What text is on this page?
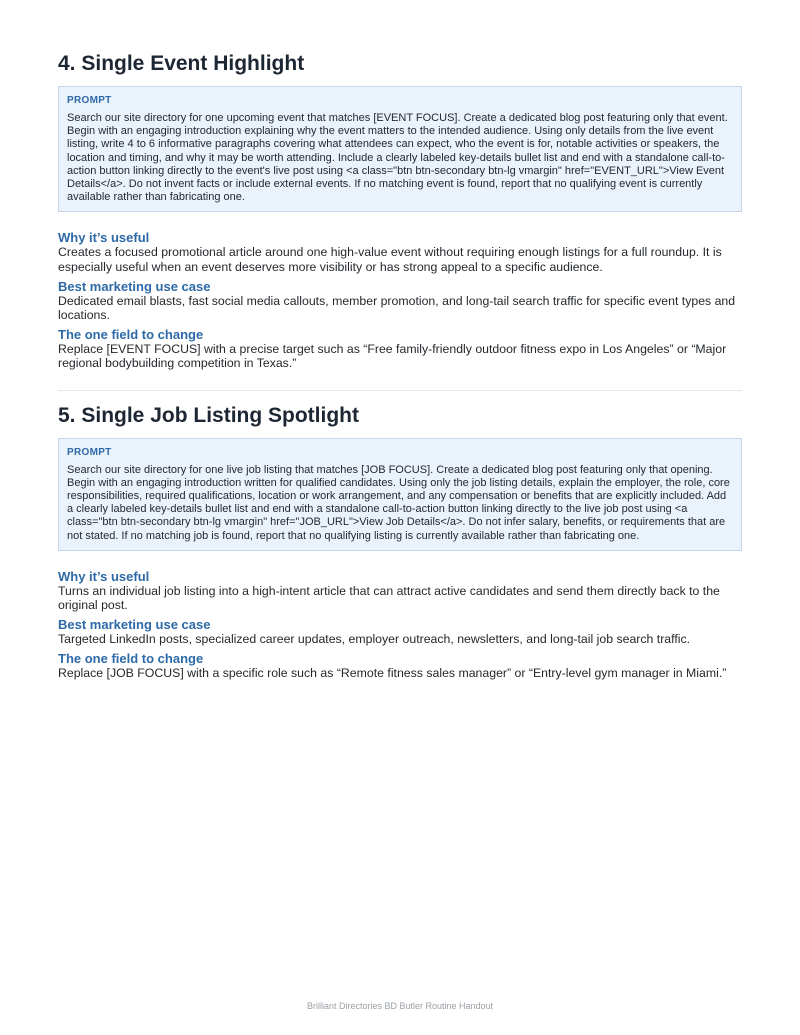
4. Single Event Highlight
PROMPT
Search our site directory for one upcoming event that matches [EVENT FOCUS]. Create a dedicated blog post featuring only that event. Begin with an engaging introduction explaining why the event matters to the intended audience. Using only details from the live event listing, write 4 to 6 informative paragraphs covering what attendees can expect, who the event is for, notable activities or speakers, the location and timing, and why it may be worth attending. Include a clearly labeled key-details bullet list and end with a standalone call-to-action button linking directly to the event's live post using <a class="btn btn-secondary btn-lg vmargin" href="EVENT_URL">View Event Details</a>. Do not invent facts or include external events. If no matching event is found, report that no qualifying event is currently available rather than fabricating one.
Why it’s useful

Creates a focused promotional article around one high-value event without requiring enough listings for a full roundup. It is especially useful when an event deserves more visibility or has strong appeal to a specific audience.

Best marketing use case

Dedicated email blasts, fast social media callouts, member promotion, and long-tail search traffic for specific event types and locations.

The one field to change

Replace [EVENT FOCUS] with a precise target such as “Free family-friendly outdoor fitness expo in Los Angeles” or “Major regional bodybuilding competition in Texas.”

5. Single Job Listing Spotlight
PROMPT
Search our site directory for one live job listing that matches [JOB FOCUS]. Create a dedicated blog post featuring only that opening. Begin with an engaging introduction written for qualified candidates. Using only the job listing details, explain the employer, the role, core responsibilities, required qualifications, location or work arrangement, and any compensation or benefits that are explicitly included. Add a clearly labeled key-details bullet list and end with a standalone call-to-action button linking directly to the live job post using <a class="btn btn-secondary btn-lg vmargin" href="JOB_URL">View Job Details</a>. Do not infer salary, benefits, or requirements that are not stated. If no matching job is found, report that no qualifying listing is currently available rather than fabricating one.
Why it’s useful

Turns an individual job listing into a high-intent article that can attract active candidates and send them directly back to the original post.

Best marketing use case

Targeted LinkedIn posts, specialized career updates, employer outreach, newsletters, and long-tail job search traffic.

The one field to change

Replace [JOB FOCUS] with a specific role such as “Remote fitness sales manager” or “Entry-level gym manager in Miami.”

Brilliant Directories BD Butler Routine Handout
